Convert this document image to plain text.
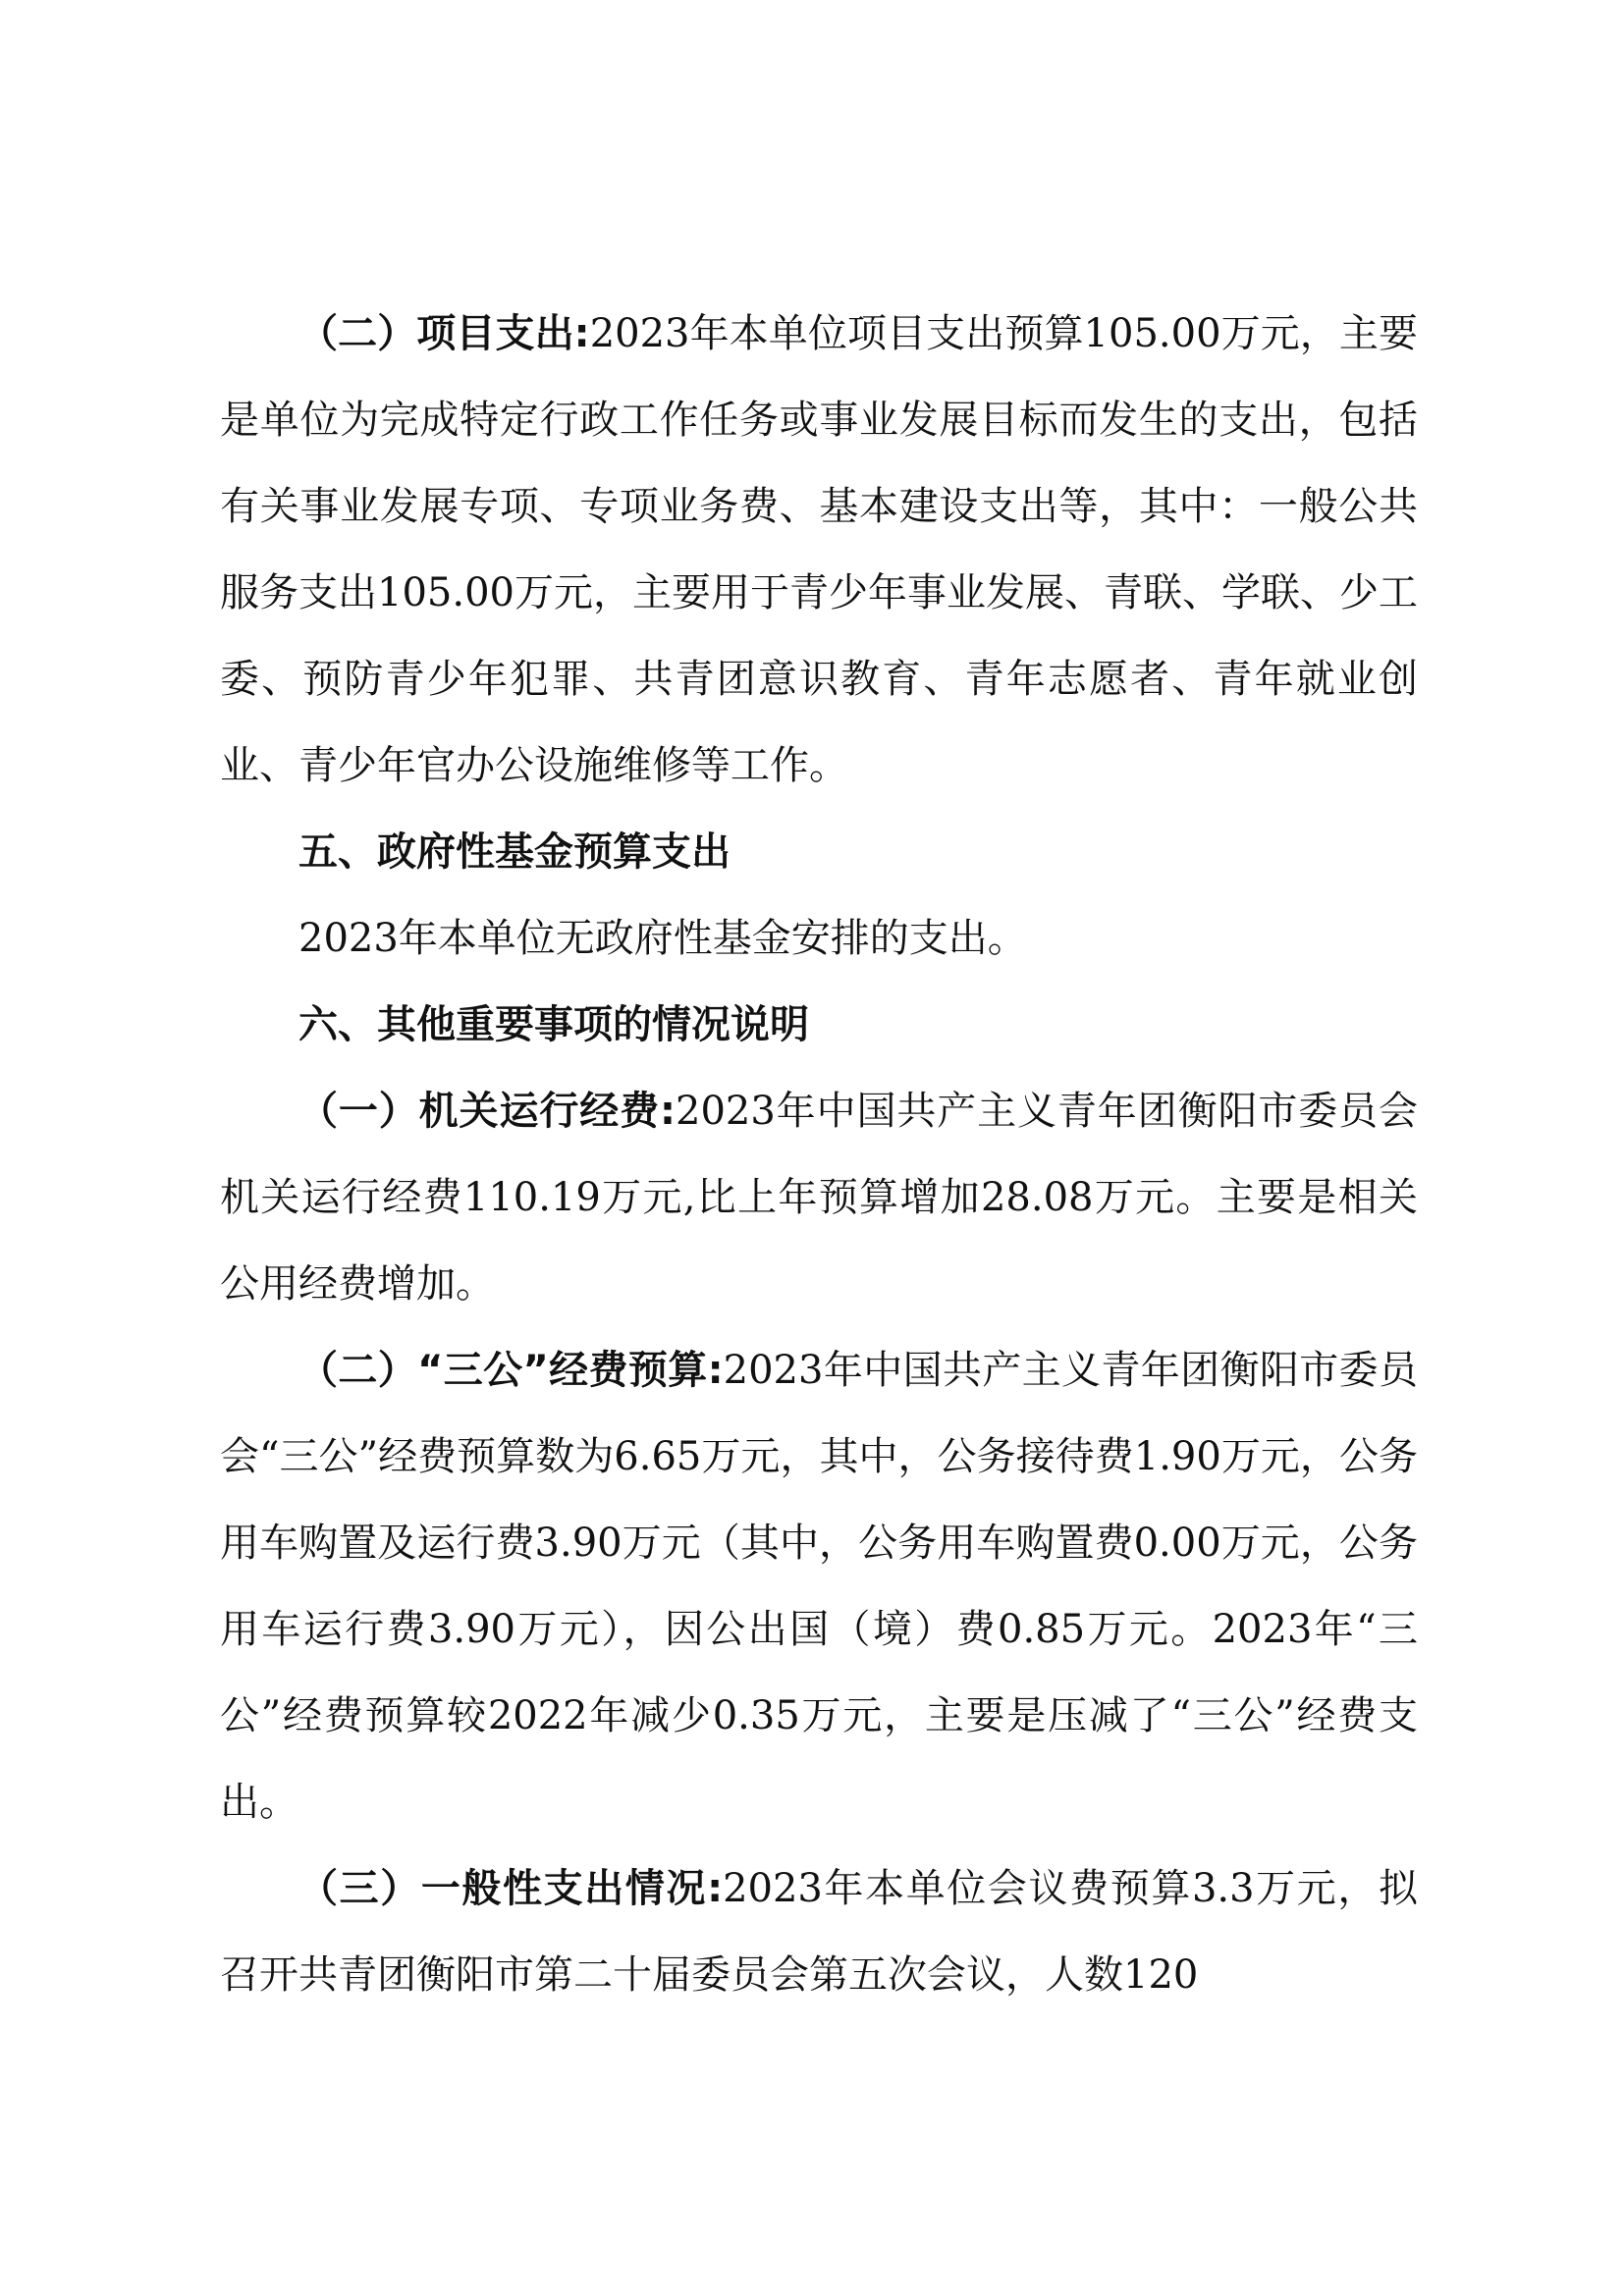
（二）项目支出:2023年本单位项目支出预算105.00万元，主要是单位为完成特定行政工作任务或事业发展目标而发生的支出，包括有关事业发展专项、专项业务费、基本建设支出等，其中：一般公共服务支出105.00万元，主要用于青少年事业发展、青联、学联、少工委、预防青少年犯罪、共青团意识教育、青年志愿者、青年就业创业、青少年官办公设施维修等工作。

五、政府性基金预算支出

2023年本单位无政府性基金安排的支出。

六、其他重要事项的情况说明

（一）机关运行经费:2023年中国共产主义青年团衡阳市委员会机关运行经费110.19万元,比上年预算增加28.08万元。主要是相关公用经费增加。

（二）“三公”经费预算:2023年中国共产主义青年团衡阳市委员会“三公”经费预算数为6.65万元，其中，公务接待费1.90万元，公务用车购置及运行费3.90万元（其中，公务用车购置费0.00万元，公务用车运行费3.90万元），因公出国（境）费0.85万元。2023年“三公”经费预算较2022年减少0.35万元，主要是压减了“三公”经费支出。

（三）一般性支出情况:2023年本单位会议费预算3.3万元，拟召开共青团衡阳市第二十届委员会第五次会议，人数120
